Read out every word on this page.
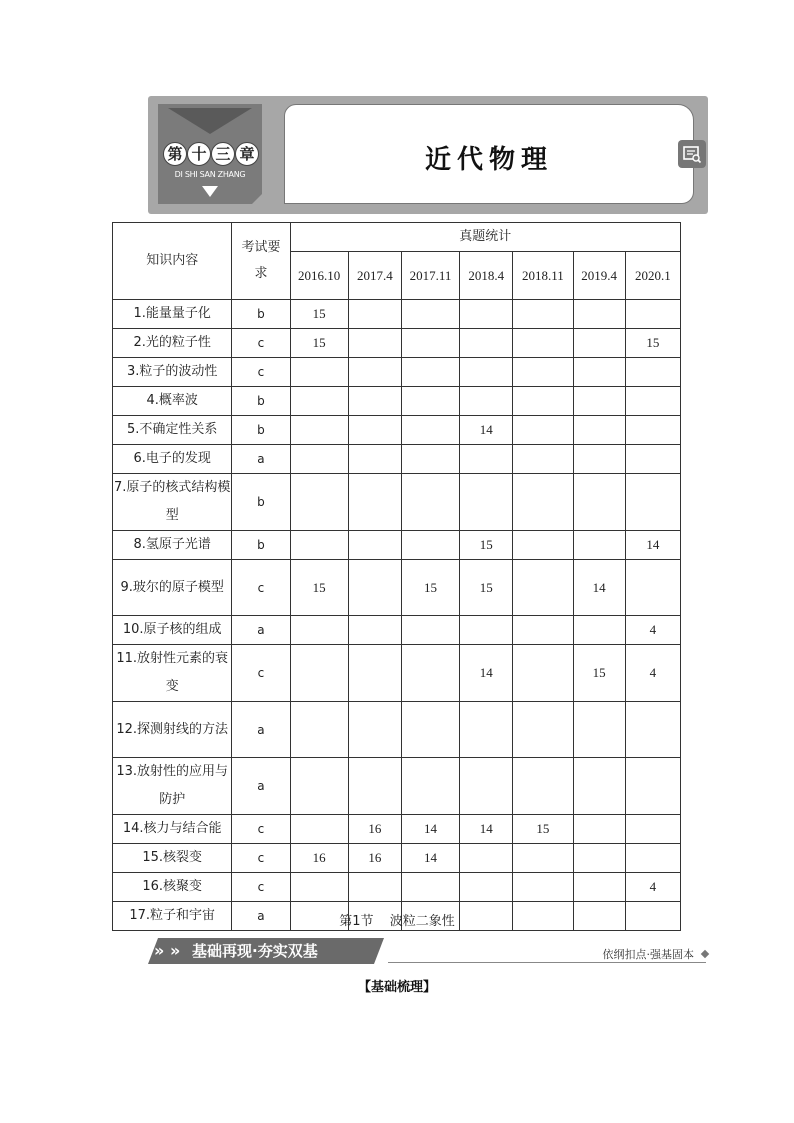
第 十 三 章
DI SHI SAN ZHANG	近代物理
知识内容	考试要求	真题统计						
		2016.10	2017.4	2017.11	2018.4	2018.11	2019.4	2020.1
1.能量量子化	b	15						
2.光的粒子性	c	15						15
3.粒子的波动性	c							
4.概率波	b							
5.不确定性关系	b				14			
6.电子的发现	a							
7.原子的核式结构模型	b							
8.氢原子光谱	b				15			14
9.玻尔的原子模型	c	15		15	15		14	
10.原子核的组成	a							4
11.放射性元素的衰变	c				14		15	4
12.探测射线的方法	a							
13.放射性的应用与防护	a							
14.核力与结合能	c		16	14	14	15		
15.核裂变	c	16	16	14				
16.核聚变	c							4
17.粒子和宇宙	a								第1节 波粒二象性
» » 基础再现·夯实双基	依纲扣点·强基固本
【基础梳理】
